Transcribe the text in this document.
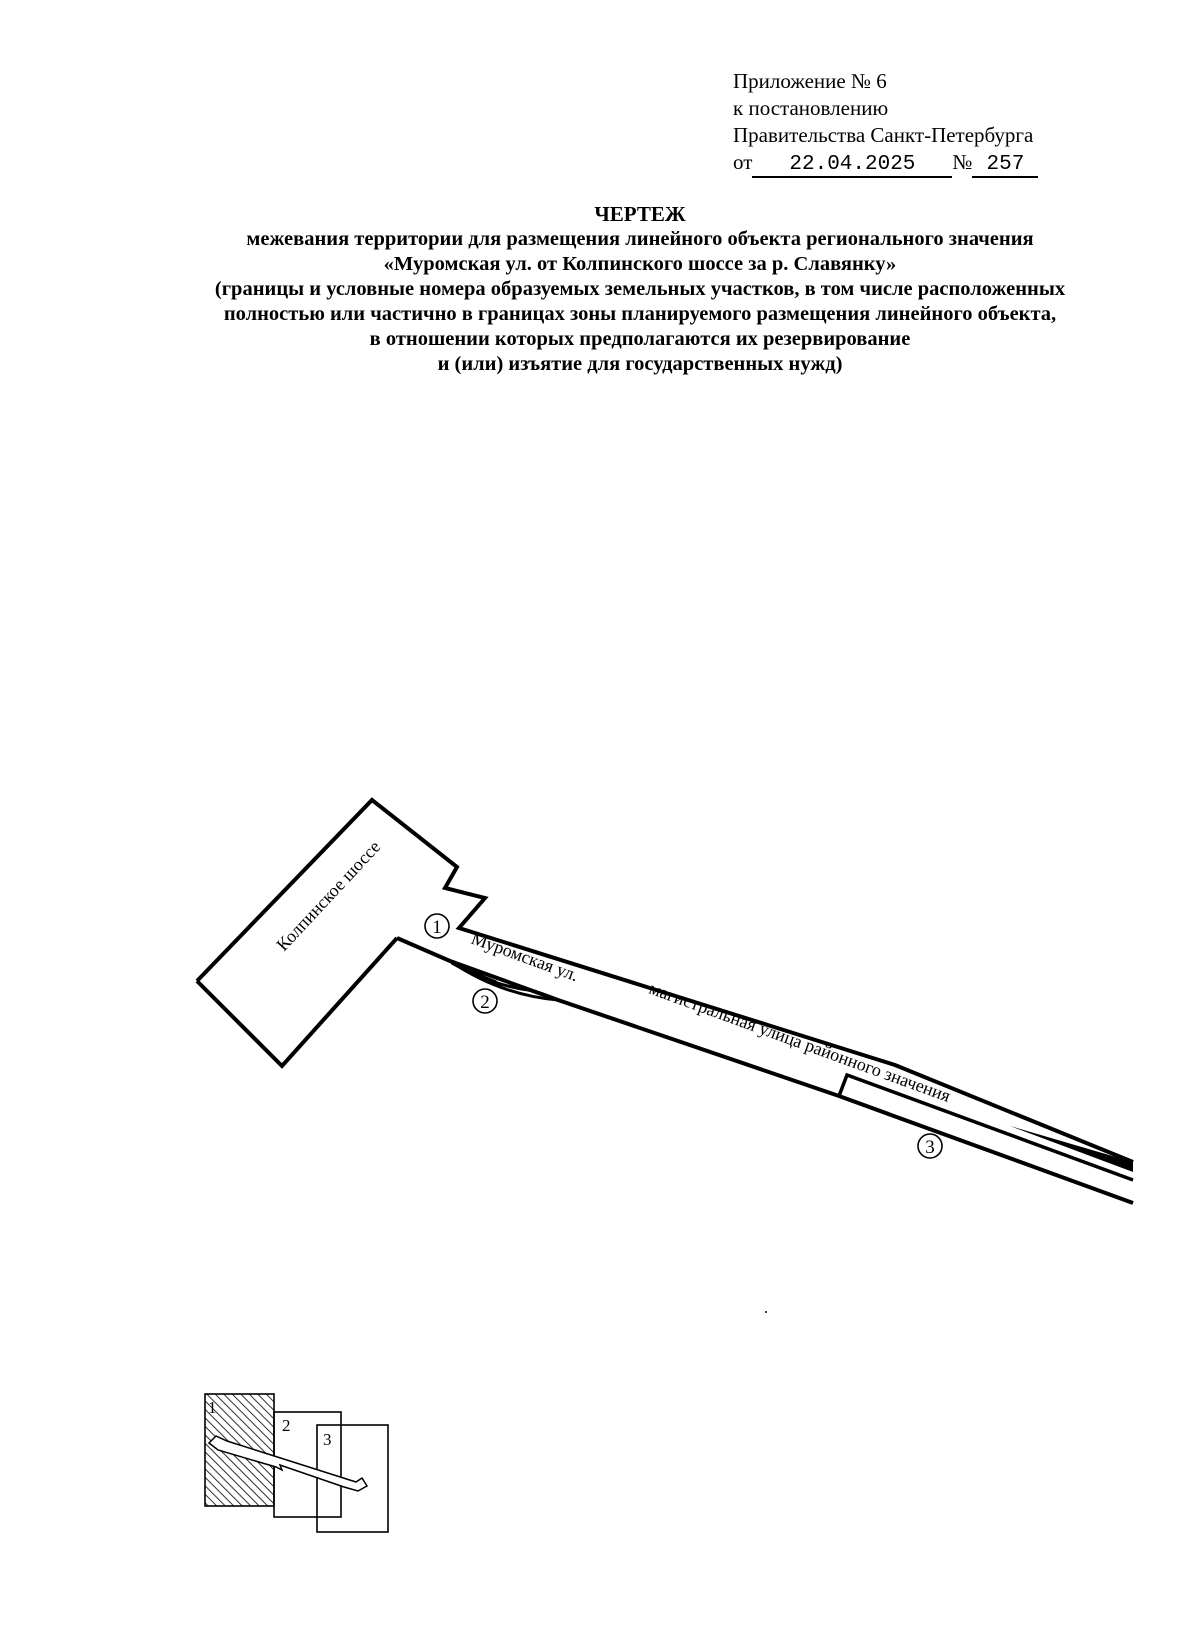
Приложение № 6
к постановлению
Правительства Санкт-Петербурга
от 22.04.2025 № 257
ЧЕРТЕЖ
межевания территории для размещения линейного объекта регионального значения
«Муромская ул. от Колпинского шоссе за р. Славянку»
(границы и условные номера образуемых земельных участков, в том числе расположенных
полностью или частично в границах зоны планируемого размещения линейного объекта,
в отношении которых предполагаются их резервирование
и (или) изъятие для государственных нужд)
Колпинское шоссе
Муромская ул.
магистральная улица районного значения
1
2
3
1
2
3
